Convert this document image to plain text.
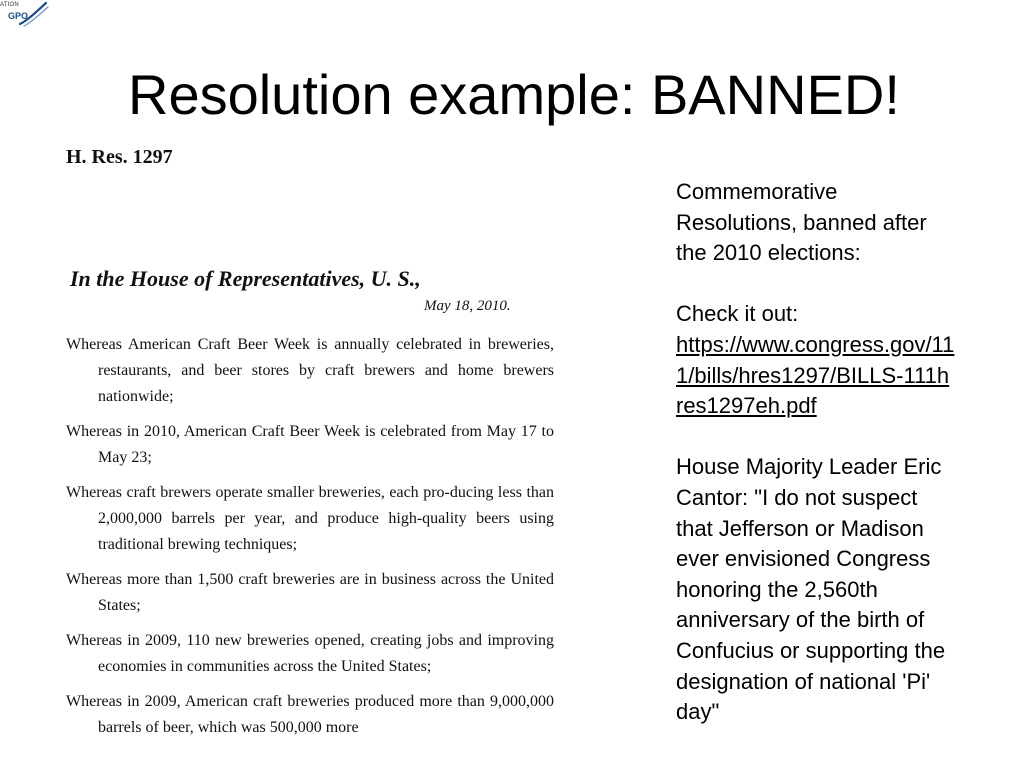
ATION
GPO
Resolution example: BANNED!
H. Res. 1297
In the House of Representatives, U. S.,
May 18, 2010.
Whereas American Craft Beer Week is annually celebrated in breweries, restaurants, and beer stores by craft brewers and home brewers nationwide;
Whereas in 2010, American Craft Beer Week is celebrated from May 17 to May 23;
Whereas craft brewers operate smaller breweries, each pro-ducing less than 2,000,000 barrels per year, and produce high-quality beers using traditional brewing techniques;
Whereas more than 1,500 craft breweries are in business across the United States;
Whereas in 2009, 110 new breweries opened, creating jobs and improving economies in communities across the United States;
Whereas in 2009, American craft breweries produced more than 9,000,000 barrels of beer, which was 500,000 more

Commemorative Resolutions, banned after the 2010 elections:

Check it out:
https://www.congress.gov/111/bills/hres1297/BILLS-111hres1297eh.pdf

House Majority Leader Eric Cantor: "I do not suspect that Jefferson or Madison ever envisioned Congress honoring the 2,560th anniversary of the birth of Confucius or supporting the designation of national 'Pi' day"
